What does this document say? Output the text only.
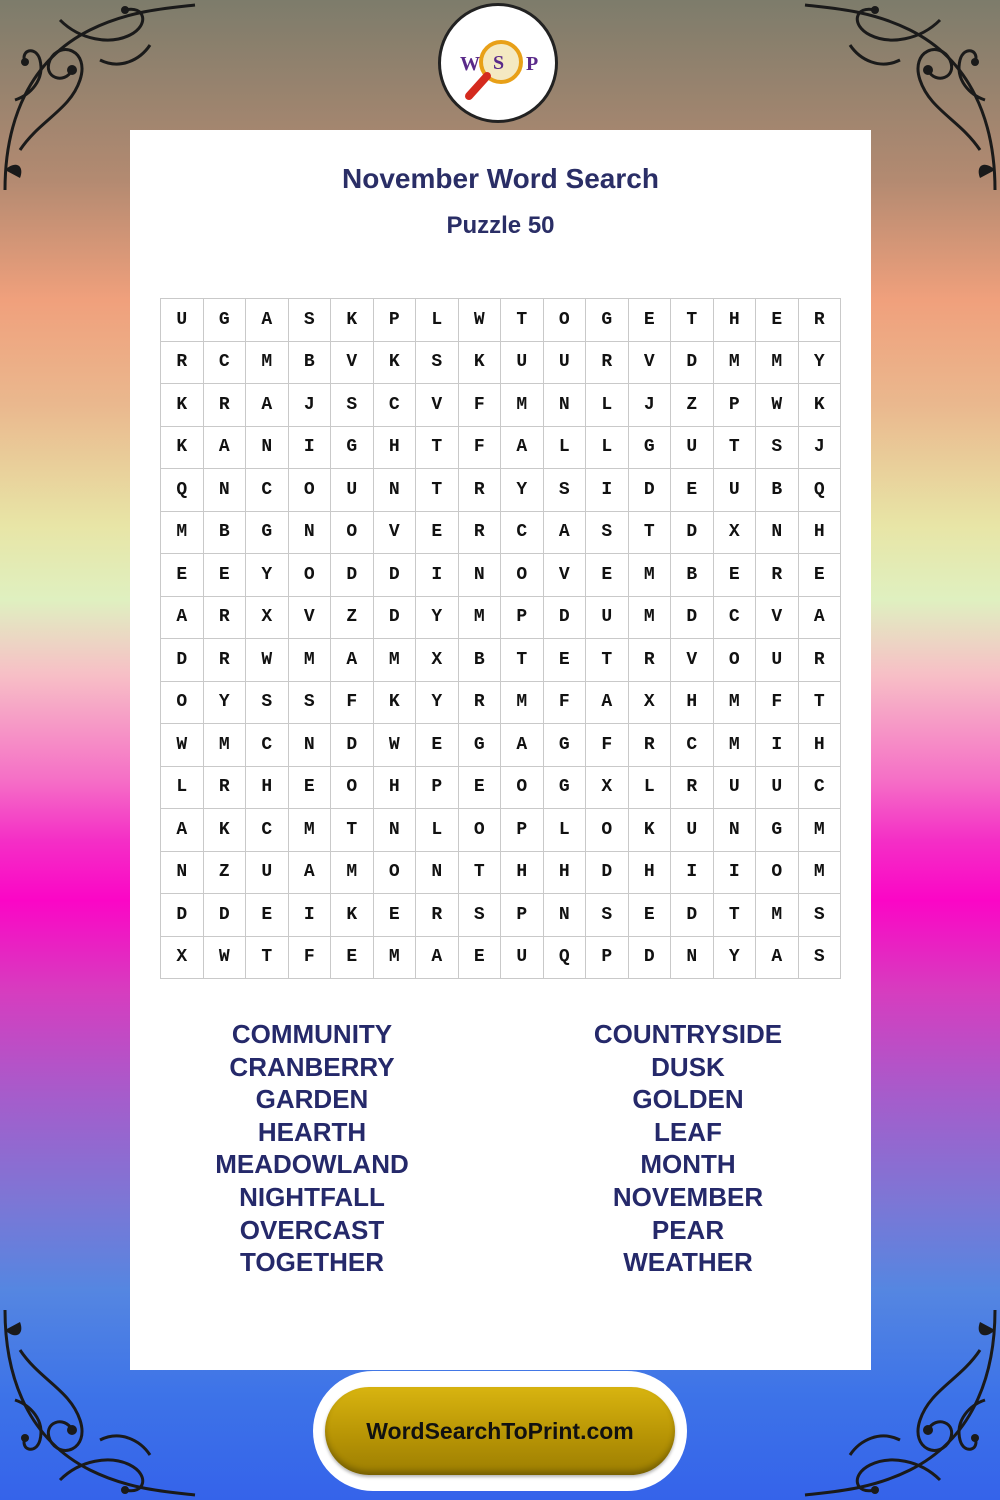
W S P
November Word Search
Puzzle 50
U	G	A	S	K	P	L	W	T	O	G	E	T	H	E	R
R	C	M	B	V	K	S	K	U	U	R	V	D	M	M	Y
K	R	A	J	S	C	V	F	M	N	L	J	Z	P	W	K
K	A	N	I	G	H	T	F	A	L	L	G	U	T	S	J
Q	N	C	O	U	N	T	R	Y	S	I	D	E	U	B	Q
M	B	G	N	O	V	E	R	C	A	S	T	D	X	N	H
E	E	Y	O	D	D	I	N	O	V	E	M	B	E	R	E
A	R	X	V	Z	D	Y	M	P	D	U	M	D	C	V	A
D	R	W	M	A	M	X	B	T	E	T	R	V	O	U	R
O	Y	S	S	F	K	Y	R	M	F	A	X	H	M	F	T
W	M	C	N	D	W	E	G	A	G	F	R	C	M	I	H
L	R	H	E	O	H	P	E	O	G	X	L	R	U	U	C
A	K	C	M	T	N	L	O	P	L	O	K	U	N	G	M
N	Z	U	A	M	O	N	T	H	H	D	H	I	I	O	M
D	D	E	I	K	E	R	S	P	N	S	E	D	T	M	S
X	W	T	F	E	M	A	E	U	Q	P	D	N	Y	A	S
COMMUNITY
CRANBERRY
GARDEN
HEARTH
MEADOWLAND
NIGHTFALL
OVERCAST
TOGETHER
COUNTRYSIDE
DUSK
GOLDEN
LEAF
MONTH
NOVEMBER
PEAR
WEATHER
WordSearchToPrint.com
